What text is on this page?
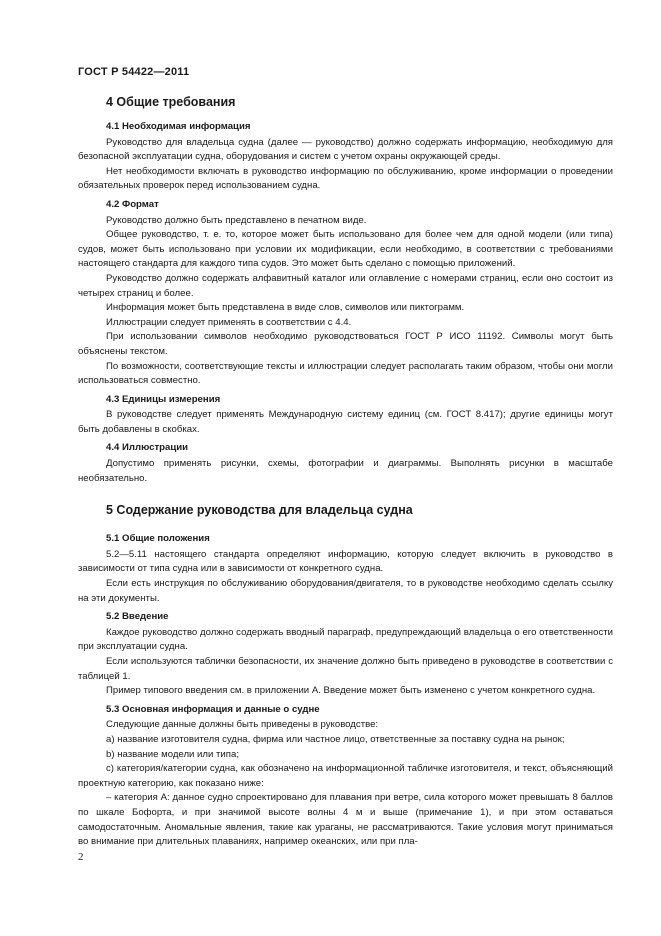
ГОСТ Р 54422—2011
4 Общие требования
4.1 Необходимая информация

Руководство для владельца судна (далее — руководство) должно содержать информацию, необходимую для безопасной эксплуатации судна, оборудования и систем с учетом охраны окружающей среды.

Нет необходимости включать в руководство информацию по обслуживанию, кроме информации о проведении обязательных проверок перед использованием судна.

4.2 Формат

Руководство должно быть представлено в печатном виде.

Общее руководство, т. е. то, которое может быть использовано для более чем для одной модели (или типа) судов, может быть использовано при условии их модификации, если необходимо, в соответствии с требованиями настоящего стандарта для каждого типа судов. Это может быть сделано с помощью приложений.

Руководство должно содержать алфавитный каталог или оглавление с номерами страниц, если оно состоит из четырех страниц и более.

Информация может быть представлена в виде слов, символов или пиктограмм.

Иллюстрации следует применять в соответствии с 4.4.

При использовании символов необходимо руководствоваться ГОСТ Р ИСО 11192. Символы могут быть объяснены текстом.

По возможности, соответствующие тексты и иллюстрации следует располагать таким образом, чтобы они могли использоваться совместно.

4.3 Единицы измерения

В руководстве следует применять Международную систему единиц (см. ГОСТ 8.417); другие единицы могут быть добавлены в скобках.

4.4 Иллюстрации

Допустимо применять рисунки, схемы, фотографии и диаграммы. Выполнять рисунки в масштабе необязательно.

5 Содержание руководства для владельца судна
5.1 Общие положения

5.2—5.11 настоящего стандарта определяют информацию, которую следует включить в руководство в зависимости от типа судна или в зависимости от конкретного судна.

Если есть инструкция по обслуживанию оборудования/двигателя, то в руководстве необходимо сделать ссылку на эти документы.

5.2 Введение

Каждое руководство должно содержать вводный параграф, предупреждающий владельца о его ответственности при эксплуатации судна.

Если используются таблички безопасности, их значение должно быть приведено в руководстве в соответствии с таблицей 1.

Пример типового введения см. в приложении А. Введение может быть изменено с учетом конкретного судна.

5.3 Основная информация и данные о судне

Следующие данные должны быть приведены в руководстве:

а) название изготовителя судна, фирма или частное лицо, ответственные за поставку судна на рынок;

b) название модели или типа;

с) категория/категории судна, как обозначено на информационной табличке изготовителя, и текст, объясняющий проектную категорию, как показано ниже:

– категория А: данное судно спроектировано для плавания при ветре, сила которого может превышать 8 баллов по шкале Бофорта, и при значимой высоте волны 4 м и выше (примечание 1), и при этом оставаться самодостаточным. Аномальные явления, такие как ураганы, не рассматриваются. Такие условия могут приниматься во внимание при длительных плаваниях, например океанских, или при пла-

2
